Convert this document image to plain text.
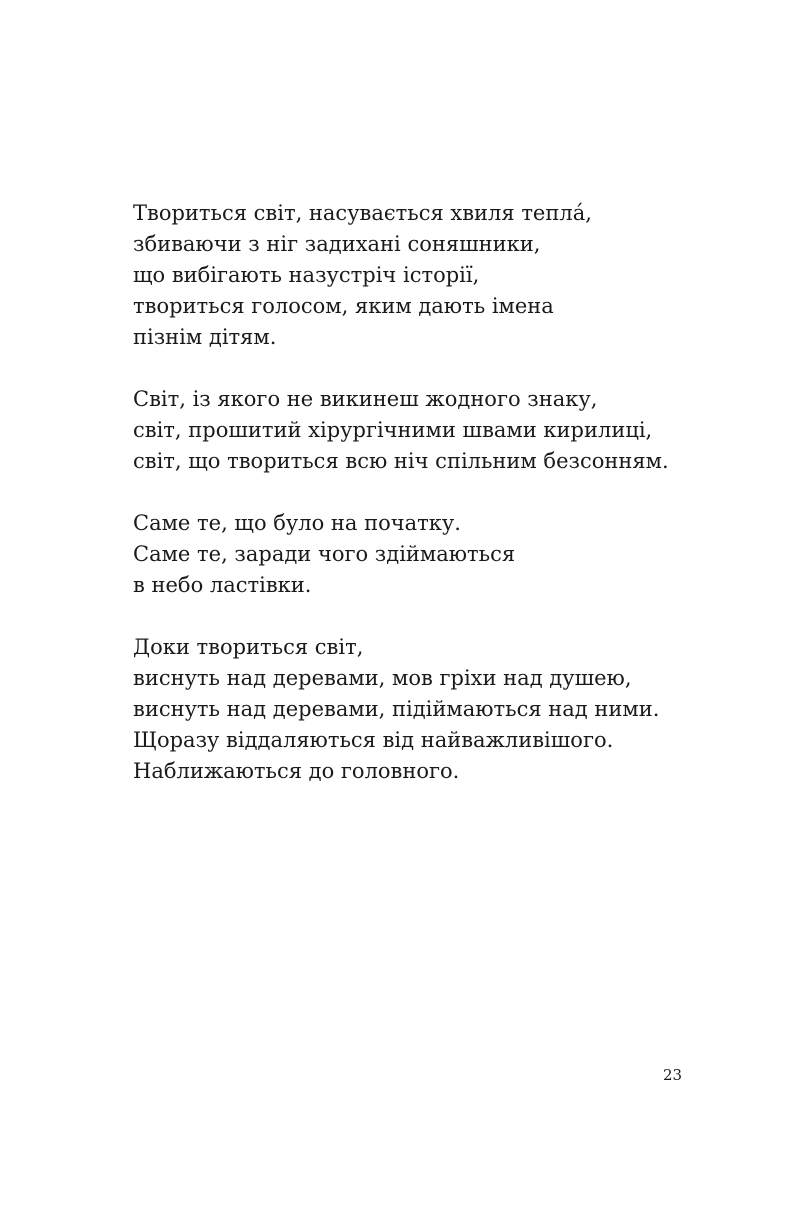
Твориться світ, насувається хвиля теплá,
збиваючи з ніг задихані соняшники,
що вибігають назустріч історії,
твориться голосом, яким дають імена
пізнім дітям.
Світ, із якого не викинеш жодного знаку,
світ, прошитий хірургічними швами кирилиці,
світ, що твориться всю ніч спільним безсонням.
Саме те, що було на початку.
Саме те, заради чого здіймаються
в небо ластівки.
Доки твориться світ,
виснуть над деревами, мов гріхи над душею,
виснуть над деревами, підіймаються над ними.
Щоразу віддаляються від найважливішого.
Наближаються до головного.
23
